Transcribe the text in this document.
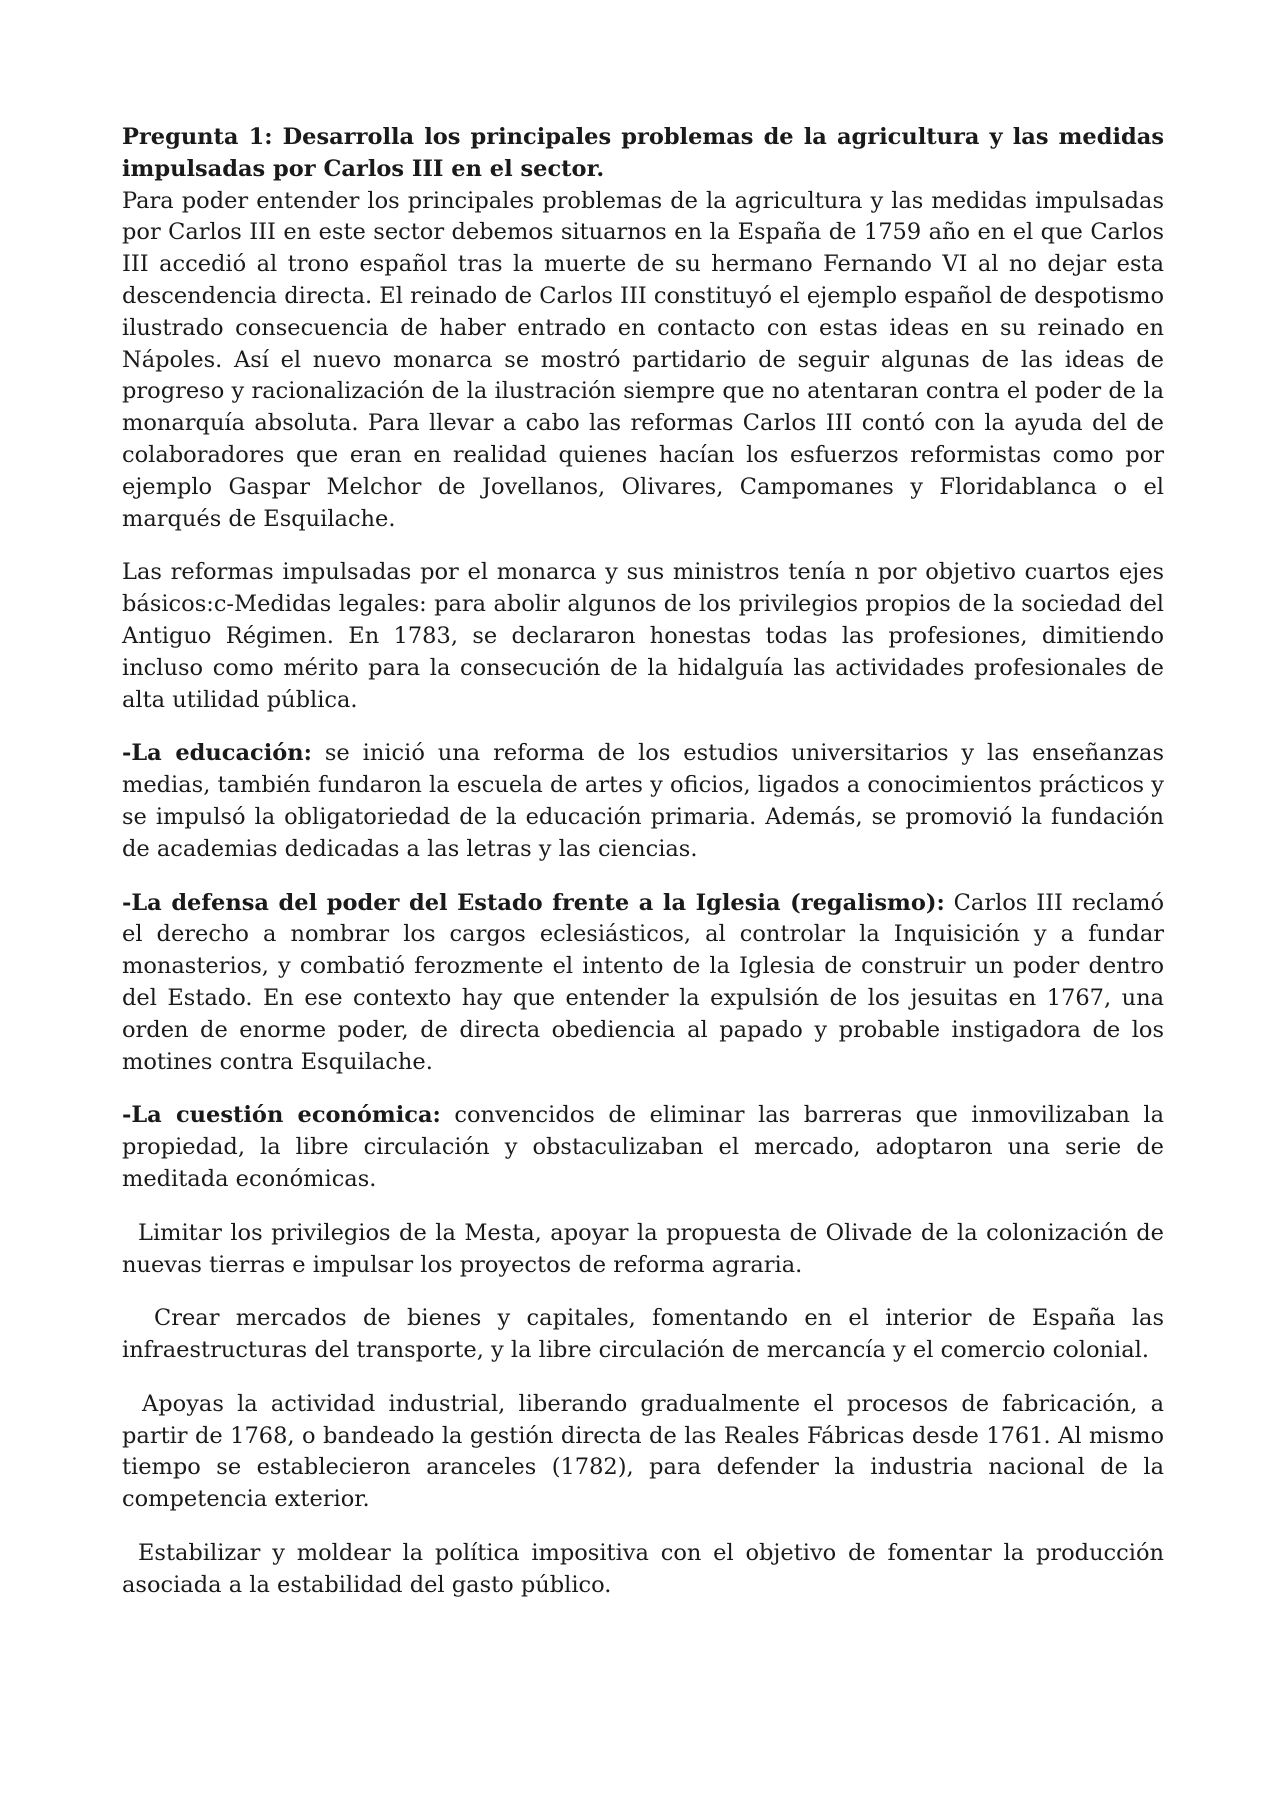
Pregunta 1: Desarrolla los principales problemas de la agricultura y las medidas impulsadas por Carlos III en el sector.

Para poder entender los principales problemas de la agricultura y las medidas impulsadas por Carlos III en este sector debemos situarnos en la España de 1759 año en el que Carlos III accedió al trono español tras la muerte de su hermano Fernando VI al no dejar esta descendencia directa. El reinado de Carlos III constituyó el ejemplo español de despotismo ilustrado consecuencia de haber entrado en contacto con estas ideas en su reinado en Nápoles. Así el nuevo monarca se mostró partidario de seguir algunas de las ideas de progreso y racionalización de la ilustración siempre que no atentaran contra el poder de la monarquía absoluta. Para llevar a cabo las reformas Carlos III contó con la ayuda del de colaboradores que eran en realidad quienes hacían los esfuerzos reformistas como por ejemplo Gaspar Melchor de Jovellanos, Olivares, Campomanes y Floridablanca o el marqués de Esquilache.

Las reformas impulsadas por el monarca y sus ministros tenía n por objetivo cuartos ejes básicos:c-Medidas legales: para abolir algunos de los privilegios propios de la sociedad del Antiguo Régimen. En 1783, se declararon honestas todas las profesiones, dimitiendo incluso como mérito para la consecución de la hidalguía las actividades profesionales de alta utilidad pública.

-La educación: se inició una reforma de los estudios universitarios y las enseñanzas medias, también fundaron la escuela de artes y oficios, ligados a conocimientos prácticos y se impulsó la obligatoriedad de la educación primaria. Además, se promovió la fundación de academias dedicadas a las letras y las ciencias.

-La defensa del poder del Estado frente a la Iglesia (regalismo): Carlos III reclamó el derecho a nombrar los cargos eclesiásticos, al controlar la Inquisición y a fundar monasterios, y combatió ferozmente el intento de la Iglesia de construir un poder dentro del Estado. En ese contexto hay que entender la expulsión de los jesuitas en 1767, una orden de enorme poder, de directa obediencia al papado y probable instigadora de los motines contra Esquilache.

-La cuestión económica: convencidos de eliminar las barreras que inmovilizaban la propiedad, la libre circulación y obstaculizaban el mercado, adoptaron una serie de meditada económicas.

Limitar los privilegios de la Mesta, apoyar la propuesta de Olivade de la colonización de nuevas tierras e impulsar los proyectos de reforma agraria.

Crear mercados de bienes y capitales, fomentando en el interior de España las infraestructuras del transporte, y la libre circulación de mercancía y el comercio colonial.

Apoyas la actividad industrial, liberando gradualmente el procesos de fabricación, a partir de 1768, o bandeado la gestión directa de las Reales Fábricas desde 1761. Al mismo tiempo se establecieron aranceles (1782), para defender la industria nacional de la competencia exterior.

Estabilizar y moldear la política impositiva con el objetivo de fomentar la producción asociada a la estabilidad del gasto público.
